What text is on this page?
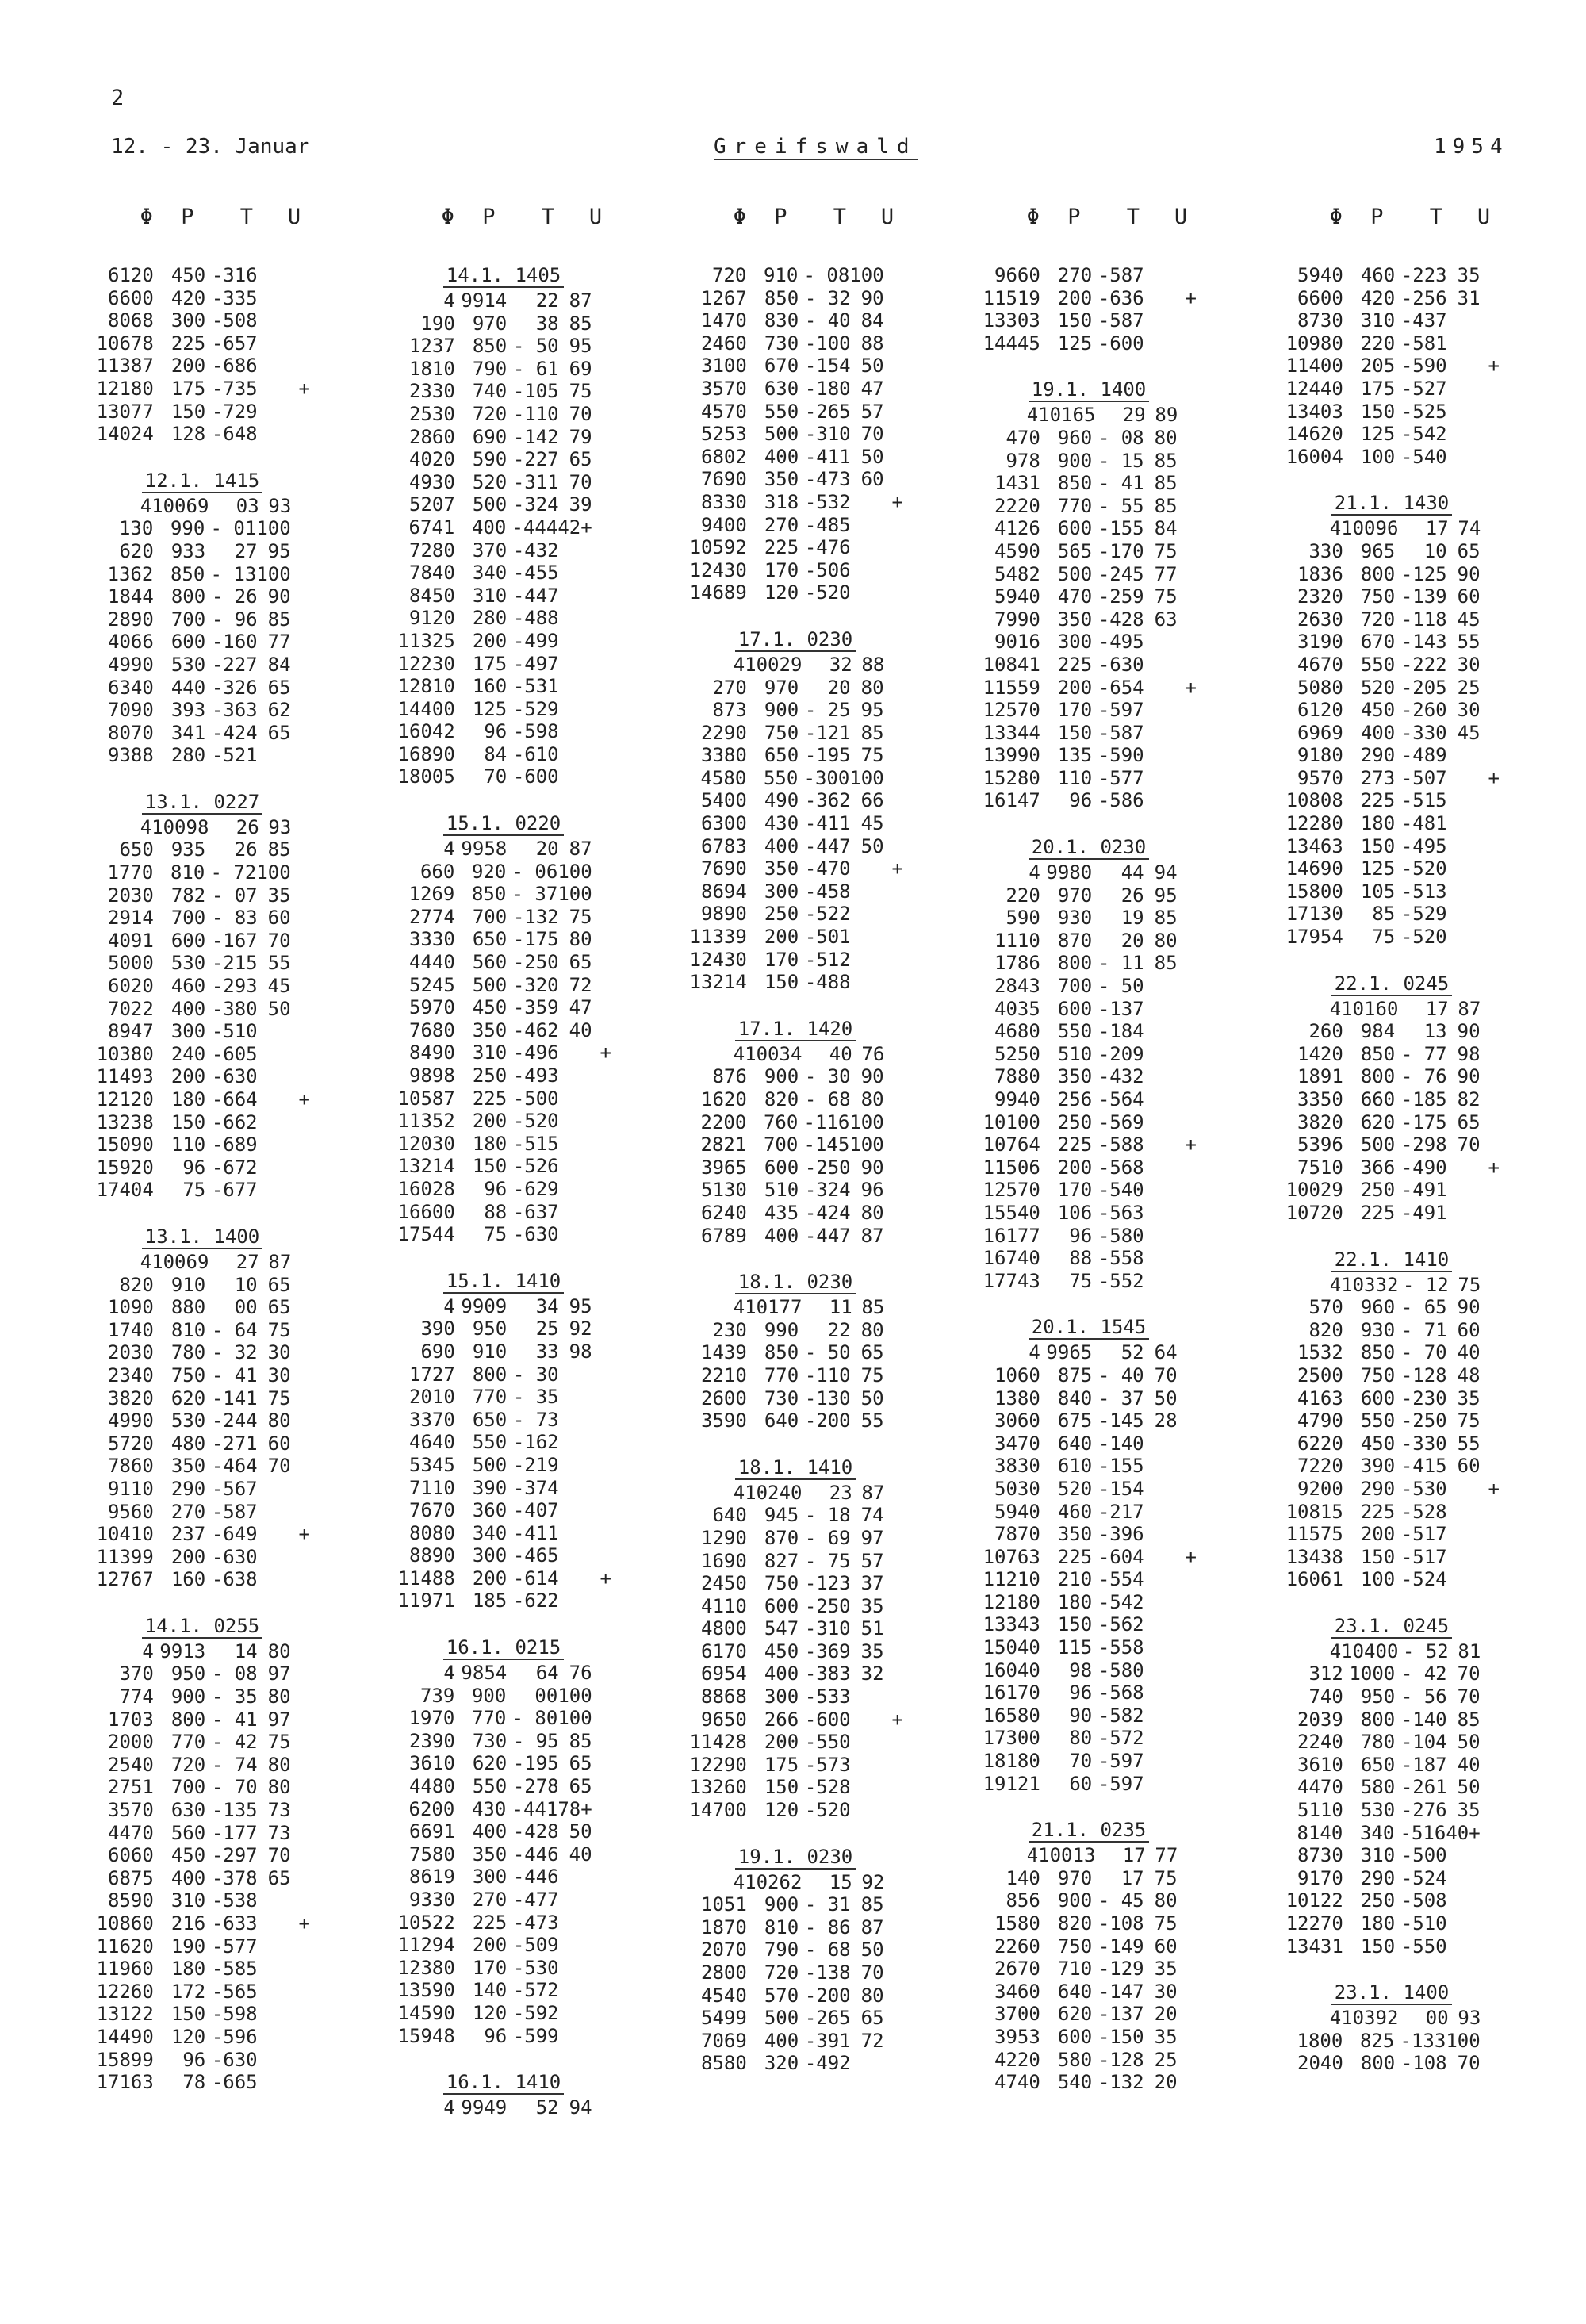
2
12. - 23. Januar	Greifswald	1954
Φ	P	T	U
6120 450 -316
6600 420 -335
8068 300 -508
10678 225 -657
11387 200 -686
12180 175 -735	+
13077 150 -729
14024 128 -648
12.1. 1415
4 10069	03 93
130 990 - 01 100
620 933	27 95
1362 850 - 13 100
1844 800 - 26 90
2890 700 - 96 85
4066 600 -160 77
4990 530 -227 84
6340 440 -326 65
7090 393 -363 62
8070 341 -424 65
9388 280 -521
13.1. 0227
4 10098	26 93
650 935	26 85
1770 810 - 72 100
2030 782 - 07 35
2914 700 - 83 60
4091 600 -167 70
5000 530 -215 55
6020 460 -293 45
7022 400 -380 50
8947 300 -510
10380 240 -605
11493 200 -630
12120 180 -664	+
13238 150 -662
15090 110 -689
15920	96 -672
17404	75 -677
13.1. 1400
4 10069	27 87
820 910	10 65
1090 880	00 65
1740 810 - 64 75
2030 780 - 32 30
2340 750 - 41 30
3820 620 -141 75
4990 530 -244 80
5720 480 -271 60
7860 350 -464 70
9110 290 -567
9560 270 -587
10410 237 -649	+
11399 200 -630
12767 160 -638
14.1. 0255
4 9913	14 80
370 950 - 08 97
774 900 - 35 80
1703 800 - 41 97
2000 770 - 42 75
2540 720 - 74 80
2751 700 - 70 80
3570 630 -135 73
4470 560 -177 73
6060 450 -297 70
6875 400 -378 65
8590 310 -538
10860 216 -633	+
11620 190 -577
11960 180 -585
12260 172 -565
13122 150 -598
14490 120 -596
15899	96 -630
17163	78 -665
Φ	P	T	U
14.1. 1405
4 9914	22 87
190 970	38 85
1237 850 - 50 95
1810 790 - 61 69
2330 740 -105 75
2530 720 -110 70
2860 690 -142 79
4020 590 -227 65
4930 520 -311 70
5207 500 -324 39
6741 400 -444 42+
7280 370 -432
7840 340 -455
8450 310 -447
9120 280 -488
11325 200 -499
12230 175 -497
12810 160 -531
14400 125 -529
16042	96 -598
16890	84 -610
18005	70 -600
15.1. 0220
4 9958	20 87
660 920 - 06 100
1269 850 - 37 100
2774 700 -132 75
3330 650 -175 80
4440 560 -250 65
5245 500 -320 72
5970 450 -359 47
7680 350 -462 40
8490 310 -496	+
9898 250 -493
10587 225 -500
11352 200 -520
12030 180 -515
13214 150 -526
16028	96 -629
16600	88 -637
17544	75 -630
15.1. 1410
4 9909	34 95
390 950	25 92
690 910	33 98
1727 800 - 30
2010 770 - 35
3370 650 - 73
4640 550 -162
5345 500 -219
7110 390 -374
7670 360 -407
8080 340 -411
8890 300 -465
11488 200 -614	+
11971 185 -622
16.1. 0215
4 9854	64 76
739 900	00 100
1970 770 - 80 100
2390 730 - 95 85
3610 620 -195 65
4480 550 -278 65
6200 430 -441 78+
6691 400 -428 50
7580 350 -446 40
8619 300 -446
9330 270 -477
10522 225 -473
11294 200 -509
12380 170 -530
13590 140 -572
14590 120 -592
15948	96 -599
16.1. 1410
4 9949	52 94
Φ	P	T	U
720 910 - 08 100
1267 850 - 32 90
1470 830 - 40 84
2460 730 -100 88
3100 670 -154 50
3570 630 -180 47
4570 550 -265 57
5253 500 -310 70
6802 400 -411 50
7690 350 -473 60
8330 318 -532	+
9400 270 -485
10592 225 -476
12430 170 -506
14689 120 -520
17.1. 0230
4 10029	32 88
270 970	20 80
873 900 - 25 95
2290 750 -121 85
3380 650 -195 75
4580 550 -300 100
5400 490 -362 66
6300 430 -411 45
6783 400 -447 50
7690 350 -470	+
8694 300 -458
9890 250 -522
11339 200 -501
12430 170 -512
13214 150 -488
17.1. 1420
4 10034	40 76
876 900 - 30 90
1620 820 - 68 80
2200 760 -116 100
2821 700 -145 100
3965 600 -250 90
5130 510 -324 96
6240 435 -424 80
6789 400 -447 87
18.1. 0230
4 10177	11 85
230 990	22 80
1439 850 - 50 65
2210 770 -110 75
2600 730 -130 50
3590 640 -200 55
18.1. 1410
4 10240	23 87
640 945 - 18 74
1290 870 - 69 97
1690 827 - 75 57
2450 750 -123 37
4110 600 -250 35
4800 547 -310 51
6170 450 -369 35
6954 400 -383 32
8868 300 -533
9650 266 -600	+
11428 200 -550
12290 175 -573
13260 150 -528
14700 120 -520
19.1. 0230
4 10262	15 92
1051 900 - 31 85
1870 810 - 86 87
2070 790 - 68 50
2800 720 -138 70
4540 570 -200 80
5499 500 -265 65
7069 400 -391 72
8580 320 -492
Φ	P	T	U
9660 270 -587
11519 200 -636	+
13303 150 -587
14445 125 -600
19.1. 1400
4 10165	29 89
470 960 - 08 80
978 900 - 15 85
1431 850 - 41 85
2220 770 - 55 85
4126 600 -155 84
4590 565 -170 75
5482 500 -245 77
5940 470 -259 75
7990 350 -428 63
9016 300 -495
10841 225 -630
11559 200 -654	+
12570 170 -597
13344 150 -587
13990 135 -590
15280 110 -577
16147	96 -586
20.1. 0230
4 9980	44 94
220 970	26 95
590 930	19 85
1110 870	20 80
1786 800 - 11 85
2843 700 - 50
4035 600 -137
4680 550 -184
5250 510 -209
7880 350 -432
9940 256 -564
10100 250 -569
10764 225 -588	+
11506 200 -568
12570 170 -540
15540 106 -563
16177	96 -580
16740	88 -558
17743	75 -552
20.1. 1545
4 9965	52 64
1060 875 - 40 70
1380 840 - 37 50
3060 675 -145 28
3470 640 -140
3830 610 -155
5030 520 -154
5940 460 -217
7870 350 -396
10763 225 -604	+
11210 210 -554
12180 180 -542
13343 150 -562
15040 115 -558
16040	98 -580
16170	96 -568
16580	90 -582
17300	80 -572
18180	70 -597
19121	60 -597
21.1. 0235
4 10013	17 77
140 970	17 75
856 900 - 45 80
1580 820 -108 75
2260 750 -149 60
2670 710 -129 35
3460 640 -147 30
3700 620 -137 20
3953 600 -150 35
4220 580 -128 25
4740 540 -132 20
Φ	P	T	U
5940 460 -223 35
6600 420 -256 31
8730 310 -437
10980 220 -581
11400 205 -590	+
12440 175 -527
13403 150 -525
14620 125 -542
16004 100 -540
21.1. 1430
4 10096	17 74
330 965	10 65
1836 800 -125 90
2320 750 -139 60
2630 720 -118 45
3190 670 -143 55
4670 550 -222 30
5080 520 -205 25
6120 450 -260 30
6969 400 -330 45
9180 290 -489
9570 273 -507	+
10808 225 -515
12280 180 -481
13463 150 -495
14690 125 -520
15800 105 -513
17130	85 -529
17954	75 -520
22.1. 0245
4 10160	17 87
260 984	13 90
1420 850 - 77 98
1891 800 - 76 90
3350 660 -185 82
3820 620 -175 65
5396 500 -298 70
7510 366 -490	+
10029 250 -491
10720 225 -491
22.1. 1410
4 10332 - 12 75
570 960 - 65 90
820 930 - 71 60
1532 850 - 70 40
2500 750 -128 48
4163 600 -230 35
4790 550 -250 75
6220 450 -330 55
7220 390 -415 60
9200 290 -530	+
10815 225 -528
11575 200 -517
13438 150 -517
16061 100 -524
23.1. 0245
4 10400 - 52 81
312 1000 - 42 70
740 950 - 56 70
2039 800 -140 85
2240 780 -104 50
3610 650 -187 40
4470 580 -261 50
5110 530 -276 35
8140 340 -516 40+
8730 310 -500
9170 290 -524
10122 250 -508
12270 180 -510
13431 150 -550
23.1. 1400
4 10392	00 93
1800 825 -133 100
2040 800 -108 70
